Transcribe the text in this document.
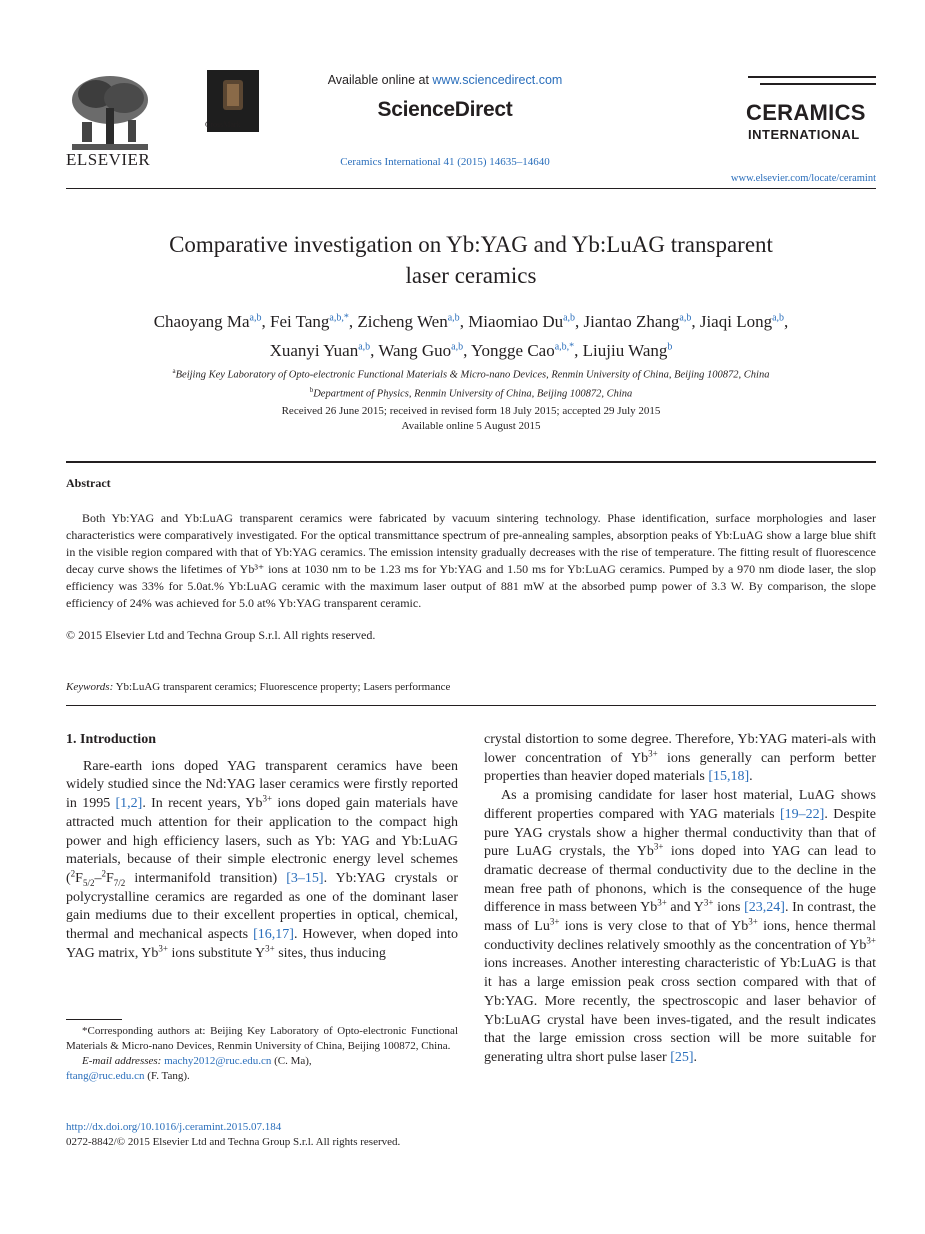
ELSEVIER
CrossMark
Available online at www.sciencedirect.com
ScienceDirect
Ceramics International 41 (2015) 14635–14640
CERAMICS
INTERNATIONAL
www.elsevier.com/locate/ceramint
Comparative investigation on Yb:YAG and Yb:LuAG transparent
laser ceramics
Chaoyang Ma$^{a,b}$, Fei Tang$^{a,b,*}$, Zicheng Wen$^{a,b}$, Miaomiao Du$^{a,b}$, Jiantao Zhang$^{a,b}$, Jiaqi Long$^{a,b}$,
Xuanyi Yuan$^{a,b}$, Wang Guo$^{a,b}$, Yongge Cao$^{a,b,*}$, Liujiu Wang$^b$
$^a$Beijing Key Laboratory of Opto-electronic Functional Materials & Micro-nano Devices, Renmin University of China, Beijing 100872, China
$^b$Department of Physics, Renmin University of China, Beijing 100872, China
Received 26 June 2015; received in revised form 18 July 2015; accepted 29 July 2015
Available online 5 August 2015
Abstract
Both Yb:YAG and Yb:LuAG transparent ceramics were fabricated by vacuum sintering technology. Phase identification, surface morphologies and laser characteristics were comparatively investigated. For the optical transmittance spectrum of pre-annealing samples, absorption peaks of Yb:LuAG show a large blue shift in the visible region compared with that of Yb:YAG ceramics. The emission intensity gradually decreases with the rise of temperature. The fitting result of fluorescence decay curve shows the lifetimes of Yb³⁺ ions at 1030 nm to be 1.23 ms for Yb:YAG and 1.50 ms for Yb:LuAG ceramics. Pumped by a 970 nm diode laser, the slop efficiency was 33% for 5.0at.% Yb:LuAG ceramic with the maximum laser output of 881 mW at the absorbed pump power of 3.3 W. By comparison, the slope efficiency of 24% was achieved for 5.0 at% Yb:YAG transparent ceramic.
© 2015 Elsevier Ltd and Techna Group S.r.l. All rights reserved.
Keywords: Yb:LuAG transparent ceramics; Fluorescence property; Lasers performance

1. Introduction

Rare-earth ions doped YAG transparent ceramics have been widely studied since the Nd:YAG laser ceramics were firstly reported in 1995 [1,2]. In recent years, $Yb^{3+}$ ions doped gain materials have attracted much attention for their application to the compact high power and high efficiency lasers, such as Yb: YAG and Yb:LuAG materials, because of their simple electronic energy level schemes ($^2F_{5/2}-^2F_{7/2}$ intermanifold transition) [3–15]. Yb:YAG crystals or polycrystalline ceramics are regarded as one of the dominant laser gain mediums due to their excellent properties in optical, chemical, thermal and mechanical aspects [16,17]. However, when doped into YAG matrix, $Yb^{3+}$ ions substitute $Y^{3+}$ sites, thus inducing

*Corresponding authors at: Beijing Key Laboratory of Opto-electronic Functional Materials & Micro-nano Devices, Renmin University of China, Beijing 100872, China.

E-mail addresses: machy2012@ruc.edu.cn (C. Ma),

ftang@ruc.edu.cn (F. Tang).

http://dx.doi.org/10.1016/j.ceramint.2015.07.184
0272-8842/© 2015 Elsevier Ltd and Techna Group S.r.l. All rights reserved.

crystal distortion to some degree. Therefore, Yb:YAG materi-als with lower concentration of $Yb^{3+}$ ions generally can perform better properties than heavier doped materials [15,18].

As a promising candidate for laser host material, LuAG shows different properties compared with YAG materials [19–22]. Despite pure YAG crystals show a higher thermal conductivity than that of pure LuAG crystals, the $Yb^{3+}$ ions doped into YAG can lead to dramatic decrease of thermal conductivity due to the decline in the mean free path of phonons, which is the consequence of the huge difference in mass between $Yb^{3+}$ and $Y^{3+}$ ions [23,24]. In contrast, the mass of $Lu^{3+}$ ions is very close to that of $Yb^{3+}$ ions, hence thermal conductivity declines relatively smoothly as the concentration of $Yb^{3+}$ ions increases. Another interesting characteristic of Yb:LuAG is that it has a large emission peak cross section compared with that of Yb:YAG. More recently, the spectroscopic and laser behavior of Yb:LuAG crystal have been inves-tigated, and the result indicates that the large emission cross section will be more suitable for generating ultra short pulse laser [25].
